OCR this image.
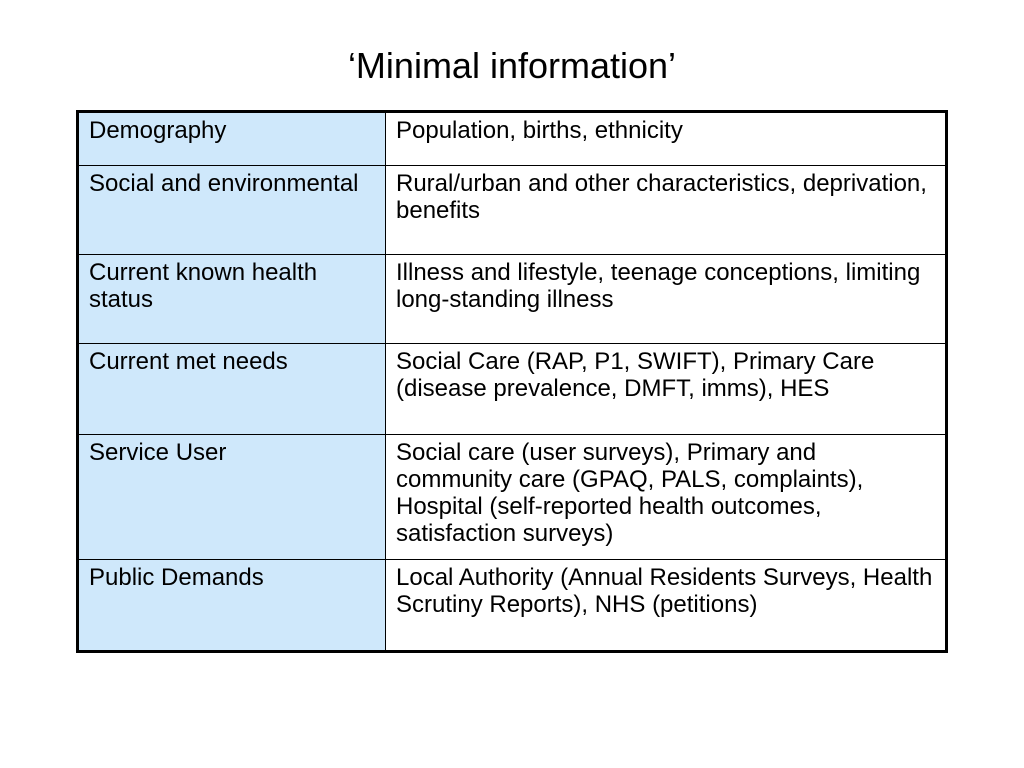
‘Minimal information’
Demography	Population, births, ethnicity
Social and environmental	Rural/urban and other characteristics, deprivation, benefits
Current known health status	Illness and lifestyle, teenage conceptions, limiting long-standing illness
Current met needs	Social Care (RAP, P1, SWIFT), Primary Care (disease prevalence, DMFT, imms), HES
Service User	Social care (user surveys), Primary and community care (GPAQ, PALS, complaints), Hospital (self-reported health outcomes, satisfaction surveys)
Public Demands	Local Authority (Annual Residents Surveys, Health Scrutiny Reports), NHS (petitions)
